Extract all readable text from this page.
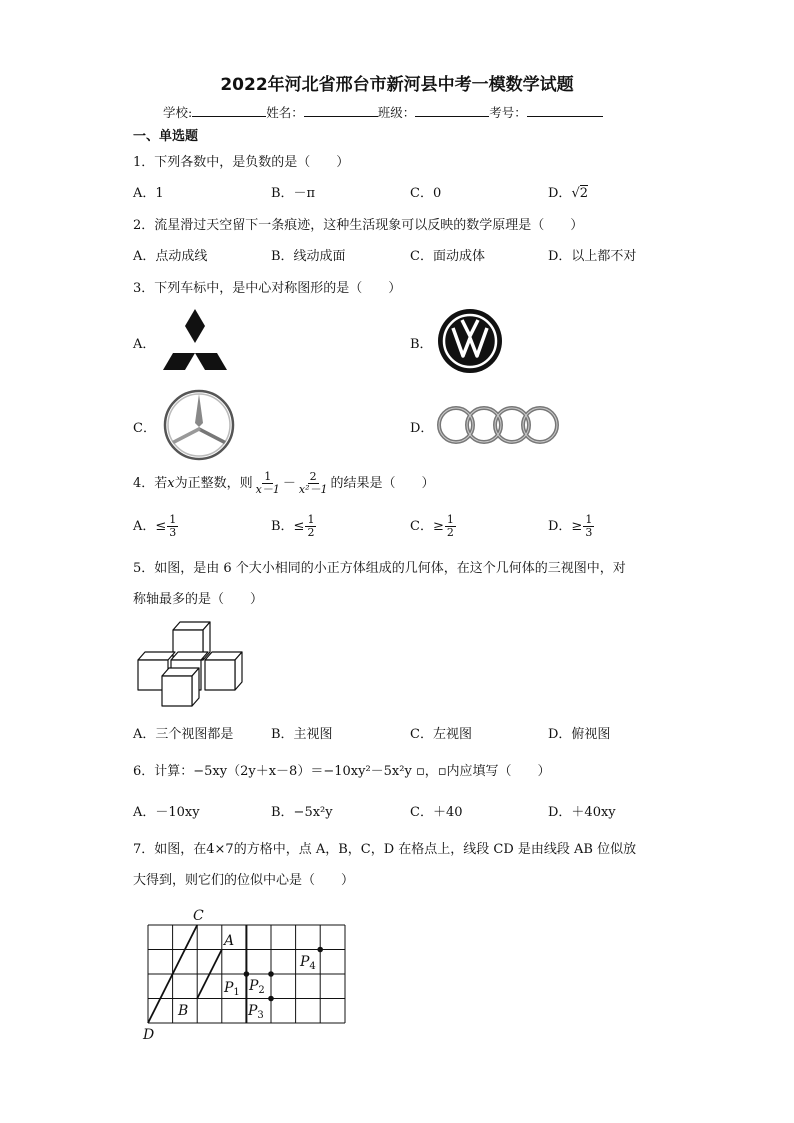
2022年河北省邢台市新河县中考一模数学试题
学校:	姓名：	班级：	考号：
一、单选题
1．下列各数中，是负数的是（　　）
A．1	B．－π	C．0	D．√2
2．流星滑过天空留下一条痕迹，这种生活现象可以反映的数学原理是（　　）
A．点动成线	B．线动成面	C．面动成体	D．以上都不对
3．下列车标中，是中心对称图形的是（　　）
A．	B．
C．	D．
4．若x为正整数，则 $\frac{1}{x-1} - \frac{2}{\text{x²－1}}$ 的结果是（　　）
A．≤ $\frac{1}{3}$	B．≤ $\frac{1}{2}$	C．≥ $\frac{1}{2}$	D．≥ $\frac{1}{3}$
5．如图，是由 6 个大小相同的小正方体组成的几何体，在这个几何体的三视图中，对
称轴最多的是（　　）
A．三个视图都是	B．主视图	C．左视图	D．俯视图
6．计算：−5xy（2y＋x－8）＝−10xy²－5x²y ▫，▫内应填写（　　）
A．－10xy	B．−5x²y	C．＋40	D．＋40xy
7．如图，在4×7的方格中，点 A，B，C，D 在格点上，线段 CD 是由线段 AB 位似放
大得到，则它们的位似中心是（　　）
C
A
B
D
$P_1$ $P_2$
$P_3$
$P_4$
